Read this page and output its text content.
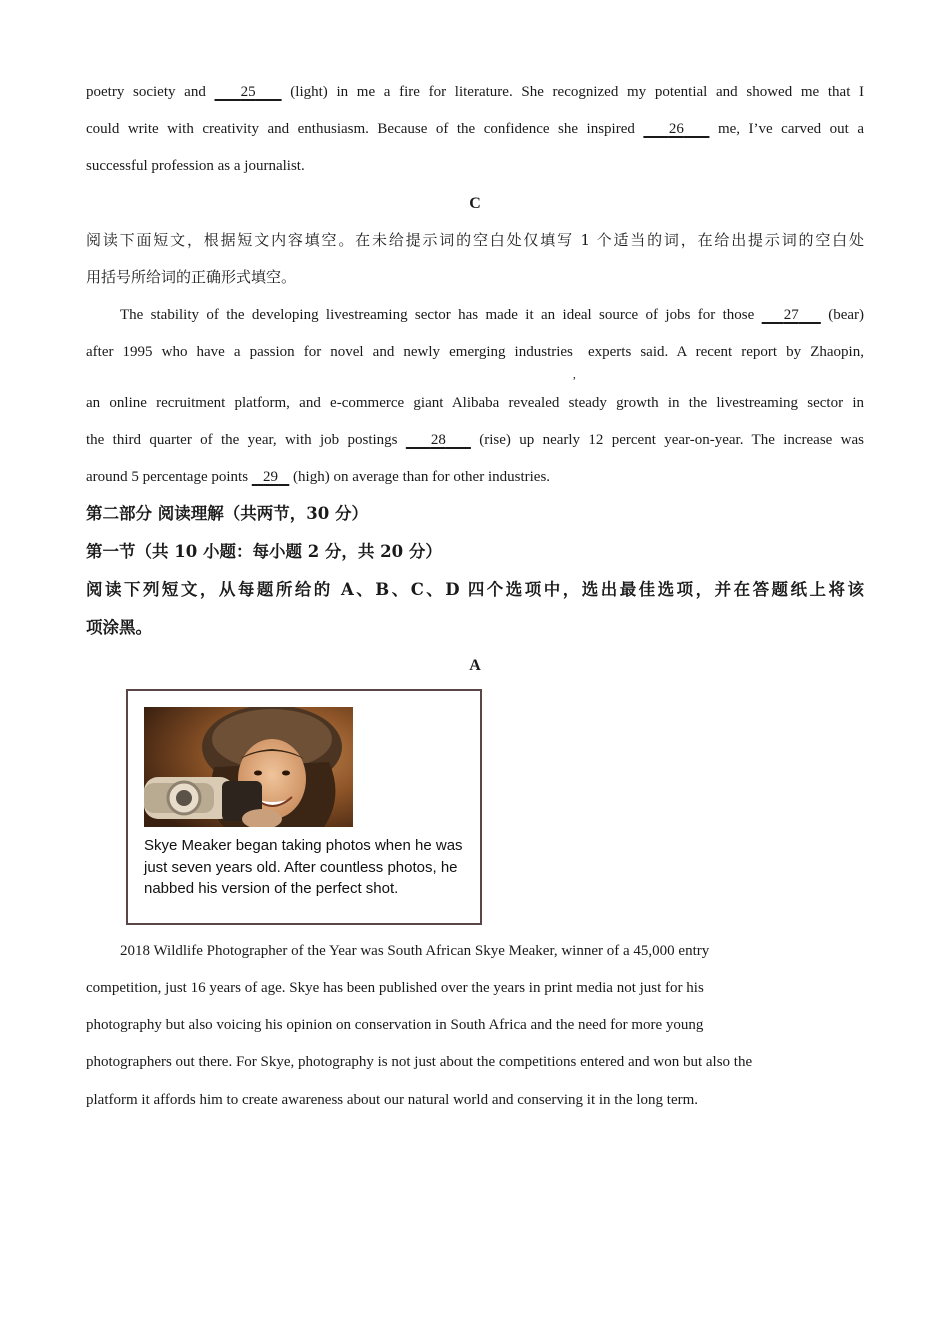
poetry society and 25 (light) in me a fire for literature. She recognized my potential and showed me that I
could write with creativity and enthusiasm. Because of the confidence she inspired 26 me, I’ve carved out a
successful profession as a journalist.
C
阅读下面短文，根据短文内容填空。在未给提示词的空白处仅填写 1 个适当的词，在给出提示词的空白处
用括号所给词的正确形式填空。
The stability of the developing livestreaming sector has made it an ideal source of jobs for those 27 (bear)
after 1995 who have a passion for novel and newly emerging industries
,
experts said. A recent report by Zhaopin,
an online recruitment platform, and e-commerce giant Alibaba revealed steady growth in the livestreaming sector in
the third quarter of the year, with job postings 28 (rise) up nearly 12 percent year-on-year. The increase was
around 5 percentage points 29 (high) on average than for other industries.
第二部分 阅读理解（共两节，30 分）
第一节（共 10 小题：每小题 2 分，共 20 分）
阅读下列短文，从每题所给的 A、B、C、D 四个选项中，选出最佳选项，并在答题纸上将该
项涂黑。
A
2018 Wildlife Photographer of the Year was South African Skye Meaker, winner of a 45,000 entry
competition, just 16 years of age. Skye has been published over the years in print media not just for his
photography but also voicing his opinion on conservation in South Africa and the need for more young
photographers out there. For Skye, photography is not just about the competitions entered and won but also the
platform it affords him to create awareness about our natural world and conserving it in the long term.
Skye Meaker began taking photos when he was just seven years old. After countless photos, he nabbed his version of the perfect shot.
